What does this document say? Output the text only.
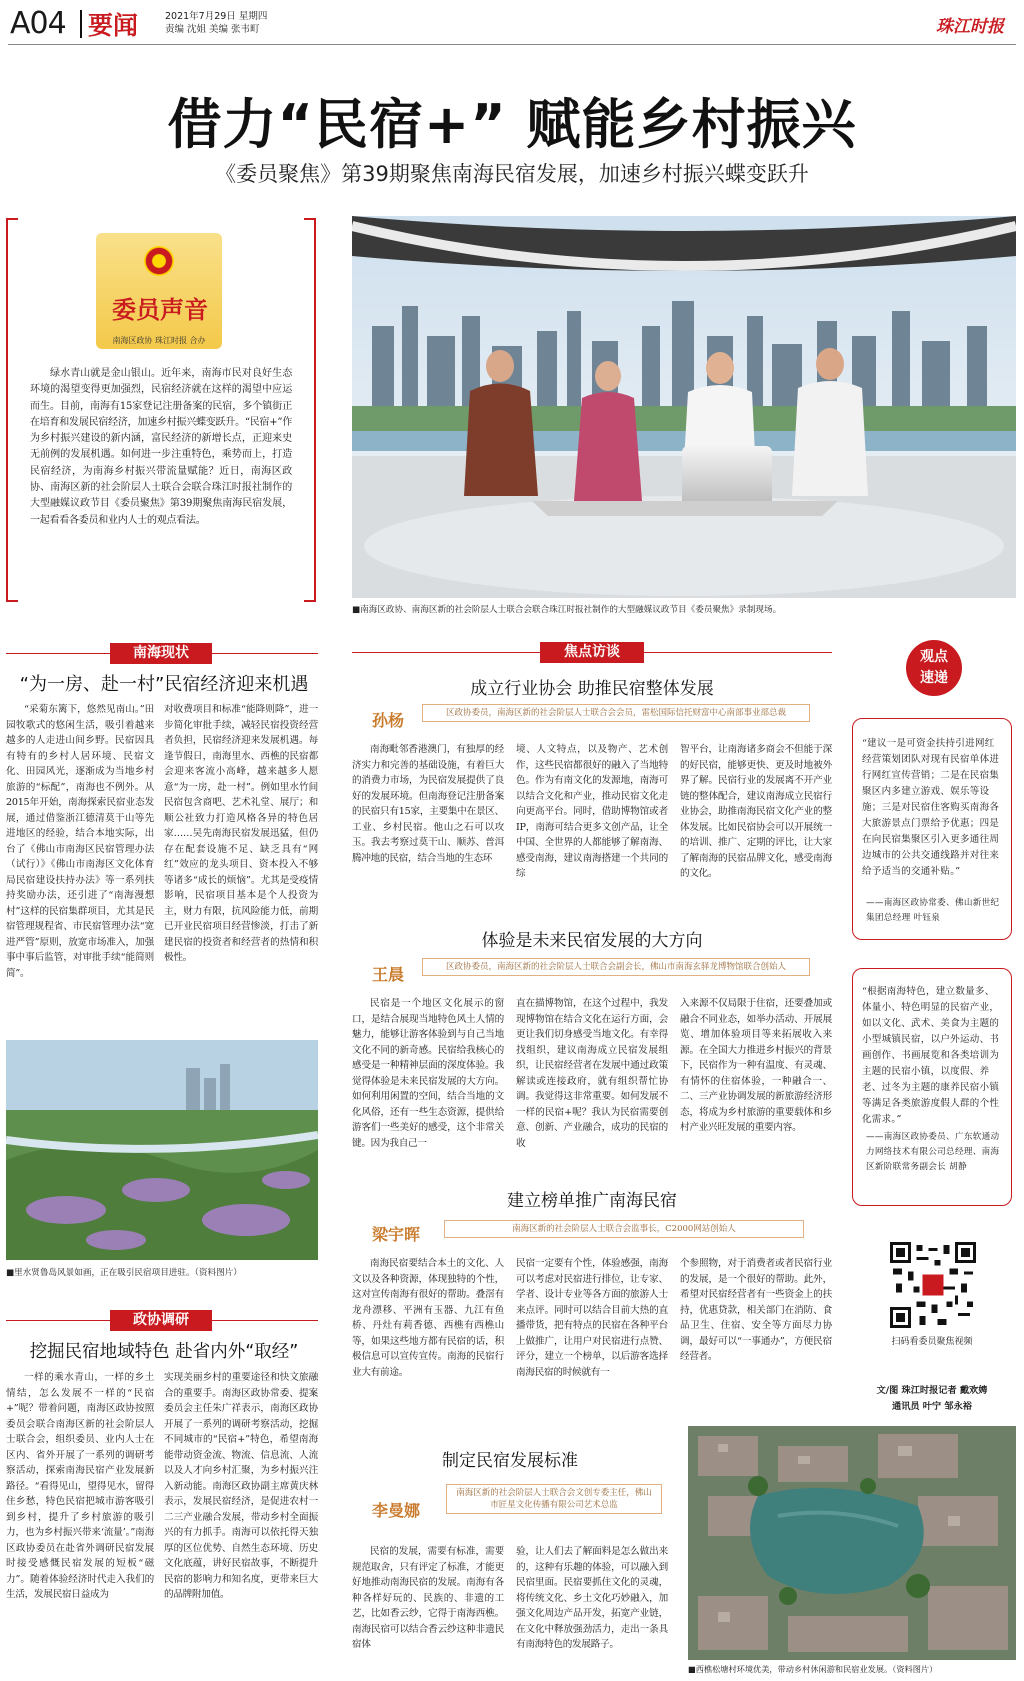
A04 要闻	2021年7月29日 星期四
责编 沈姐 美编 张韦町	珠江时报
借力“民宿+” 赋能乡村振兴
《委员聚焦》第39期聚焦南海民宿发展，加速乡村振兴蝶变跃升
委员声音
南海区政协 珠江时报 合办
绿水青山就是金山银山。近年来，南海市民对良好生态环境的渴望变得更加强烈，民宿经济就在这样的渴望中应运而生。目前，南海有15家登记注册备案的民宿，多个镇街正在培育和发展民宿经济，加速乡村振兴蝶变跃升。“民宿+”作为乡村振兴建设的新内涵，富民经济的新增长点，正迎来史无前例的发展机遇。如何进一步注重特色，乘势而上，打造民宿经济，为南海乡村振兴带流量赋能？近日，南海区政协、南海区新的社会阶层人士联合会联合珠江时报社制作的大型融媒议政节目《委员聚焦》第39期聚焦南海民宿发展，一起看看各委员和业内人士的观点看法。
■南海区政协、南海区新的社会阶层人士联合会联合珠江时报社制作的大型融媒议政节目《委员聚焦》录制现场。
南海现状
“为一房、赴一村”民宿经济迎来机遇
“采菊东篱下，悠然见南山。”田园牧歌式的悠闲生活，吸引着越来越多的人走进山间乡野。民宿因具有特有的乡村人居环境、民宿文化、田园风光，逐渐成为当地乡村旅游的“标配”，南海也不例外。从2015年开始，南海探索民宿业态发展，通过借鉴浙江德清莫干山等先进地区的经验，结合本地实际，出台了《佛山市南海区民宿管理办法（试行）》《佛山市南海区文化体育局民宿建设扶持办法》等一系列扶持奖励办法，还引进了“南海漫想村”这样的民宿集群项目，尤其是民宿管理规程省、市民宿管理办法“宽进严管”原则，放宽市场准入，加强事中事后监管，对审批手续“能简则简”。
对收费项目和标准“能降则降”，进一步简化审批手续，减轻民宿投资经营者负担，民宿经济迎来发展机遇。每逢节假日，南海里水、西樵的民宿都会迎来客流小高峰，越来越多人愿意“为一房，赴一村”。例如里水竹间民宿包含商吧、艺术礼堂、展厅；和顺公社致力打造风格各异的特色居家……吴先南海民宿发展迅猛，但仍存在配套设施不足、缺乏具有“网红”效应的龙头项目、资本投入不够等诸多“成长的烦恼”。尤其是受疫情影响，民宿项目基本是个人投资为主，财力有限，抗风险能力低，前期已开业民宿项目经营惨淡，打击了新建民宿的投资者和经营者的热情和积极性。
■里水贤鲁岛风景如画，正在吸引民宿项目进驻。（资料图片）
政协调研
挖掘民宿地域特色 赴省内外“取经”
一样的乘水青山，一样的乡土情结，怎么发展不一样的“民宿+”呢？带着问题，南海区政协按照委员会联合南海区新的社会阶层人士联合会，组织委员、业内人士在区内、省外开展了一系列的调研考察活动，探索南海民宿产业发展新路径。“看得见山，望得见水，留得住乡愁，特色民宿把城市游客吸引到乡村，提升了乡村旅游的吸引力，也为乡村振兴带来‘流量’。”南海区政协委员在赴省外调研民宿发展时接受感慨民宿发展的短板“磁力”。随着体验经济时代走入我们的生活，发展民宿日益成为
实现美丽乡村的重要途径和快文旅融合的重要手。南海区政协常委、提案委员会主任朱广祥表示，南海区政协开展了一系列的调研考察活动，挖掘不同城市的“民宿+”特色，希望南海能带动资金流、物流、信息流、人流以及人才向乡村汇聚，为乡村振兴注入新动能。南海区政协副主席黄庆林表示，发展民宿经济，是促进农村一二三产业融合发展，带动乡村全面振兴的有力抓手。南海可以依托得天独厚的区位优势、自然生态环境、历史文化底蕴，讲好民宿故事，不断提升民宿的影响力和知名度，更带来巨大的品牌附加值。
焦点访谈
成立行业协会 助推民宿整体发展
孙杨	区政协委员，南海区新的社会阶层人士联合会会员，雷松国际信托财富中心南部事业部总裁
南海毗邻香港澳门，有独厚的经济实力和完善的基础设施，有着巨大的消费力市场，为民宿发展提供了良好的发展环境。但南海登记注册备案的民宿只有15家，主要集中在景区、工业、乡村民宿。他山之石可以攻玉。我去考察过莫干山、顺苏、普洱腾冲地的民宿，结合当地的生态环
境、人文特点，以及物产、艺术创作，这些民宿都很好的融入了当地特色。作为有南文化的发源地，南海可以结合文化和产业，推动民宿文化走向更高平台。同时，借助博物馆或者IP，南海可结合更多文创产品，让全中国、全世界的人都能够了解南海、感受南海，建议南海搭建一个共同的综
智平台，让南海诸多商会不但能于深的好民宿，能够更快、更及时地被外界了解。民宿行业的发展离不开产业链的整体配合，建议南海成立民宿行业协会，助推南海民宿文化产业的整体发展。比如民宿协会可以开展统一的培训、推广、定期的评比，让大家了解南海的民宿品牌文化，感受南海的文化。
体验是未来民宿发展的大方向
王晨	区政协委员，南海区新的社会阶层人士联合会副会长，佛山市南海玄驿龙博物馆联合创始人
民宿是一个地区文化展示的窗口，是结合展现当地特色风土人情的魅力，能够让游客体验到与自己当地文化不同的新奇感。民宿给我核心的感受是一种精神层面的深度体验。我觉得体验是未来民宿发展的大方向。如何利用闲置的空间，结合当地的文化风俗，还有一些生态资源，提供给游客们一些美好的感受，这个非常关键。因为我自己一
直在描博物馆，在这个过程中，我发现博物馆在结合文化在运行方面，会更让我们切身感受当地文化。有幸得找组织，建议南海成立民宿发展组织，让民宿经营者在发展中通过政策解读或连接政府，就有组织帮忙协调。我觉得这非常重要。如何发展不一样的民宿+呢？我认为民宿需要创意、创新、产业融合，成功的民宿的收
入来源不仅局限于住宿，还要叠加或融合不同业态，如举办活动、开展展览、增加体验项目等来拓展收入来源。在全国大力推进乡村振兴的背景下，民宿作为一种有温度、有灵魂、有情怀的住宿体验，一种融合一、二、三产业协调发展的新旅游经济形态，将成为乡村旅游的重要载体和乡村产业兴旺发展的重要内容。
建立榜单推广南海民宿
梁宇晖	南海区新的社会阶层人士联合会监事长，C2000网站创始人
南海民宿要结合本土的文化、人文以及各种资源，体现独特的个性，这对宣传南海有很好的帮助。叠滘有龙舟漂移、平洲有玉器、九江有鱼桥、丹灶有莉香德、西樵有西樵山等，如果这些地方都有民宿的话，积极信息可以宣传宣传。南海的民宿行业大有前途。
民宿一定要有个性，体验感强，南海可以考虑对民宿进行排位，让专家、学者、设计专业等各方面的旅游人士来点评。同时可以结合目前大热的直播带货，把有特点的民宿在各种平台上做推广，让用户对民宿进行点赞、评分，建立一个榜单，以后游客选择南海民宿的时候就有一
个参照物，对于消费者或者民宿行业的发展，是一个很好的帮助。此外，希望对民宿经营者有一些资金上的扶持，优惠贷款，相关部门在消防、食品卫生、住宿、安全等方面尽力协调，最好可以“一事通办”，方便民宿经营者。
制定民宿发展标准
李曼娜
南海区新的社会阶层人士联合会文创专委主任，佛山市匠星文化传播有限公司艺术总监
民宿的发展，需要有标准，需要规范取舍，只有评定了标准，才能更好地推动南海民宿的发展。南海有各种各样好玩的、民族的、非遗的工艺，比如香云纱，它得于南海西樵。南海民宿可以结合香云纱这种非遗民宿体
验，让人们去了解面料是怎么做出来的，这种有乐趣的体验，可以融入到民宿里面。民宿要抓住文化的灵魂，将传统文化、乡土文化巧妙融入，加强文化周边产品开发，拓宽产业链，在文化中释放强劲活力，走出一条具有南海特色的发展路子。
■西樵松塘村环境优美，带动乡村休闲游和民宿业发展。（资料图片）
观点速递
“建议一是可资金扶持引进网红经营策划团队对现有民宿单体进行网红宣传营销；二是在民宿集聚区内多建立游戏、娱乐等设施；三是对民宿住客购买南海各大旅游景点门票给予优惠；四是在向民宿集聚区引入更多通往周边城市的公共交通线路并对往来给予适当的交通补贴。”
——南海区政协常委、佛山新世纪集团总经理 叶钰泉
“根据南海特色，建立数量多、体量小、特色明显的民宿产业，如以文化、武术、美食为主题的小型城镇民宿，以户外运动、书画创作、书画展览和各类培训为主题的民宿小镇，以度假、养老、过冬为主题的康养民宿小镇等满足各类旅游度假人群的个性化需求。”
——南海区政协委员、广东软通动力网络技术有限公司总经理、南海区新阶联常务副会长 胡静
扫码看委员聚焦视频
文/图 珠江时报记者 戴欢娉
通讯员 叶宁 邹永裕
